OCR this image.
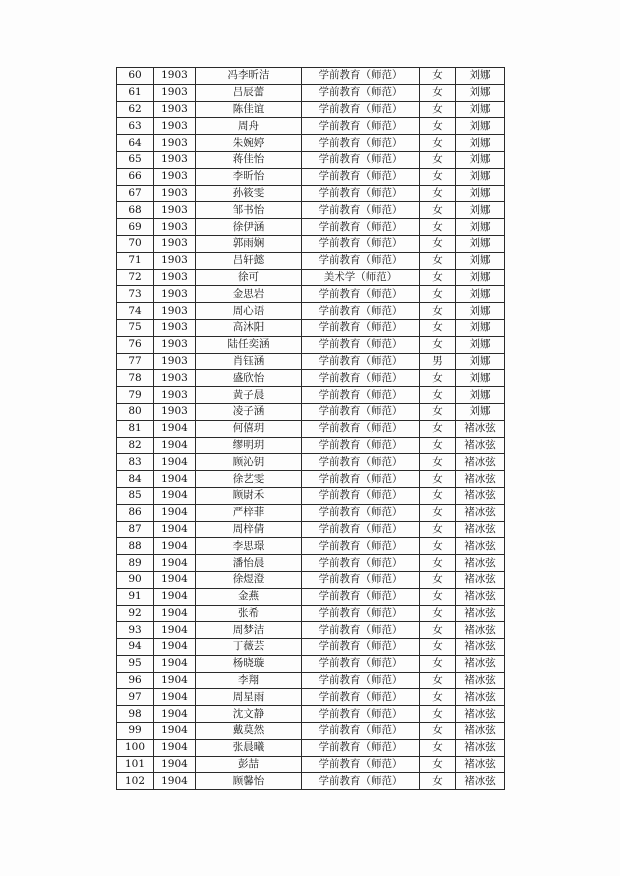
60	1903	冯李昕洁	学前教育（师范）	女	刘娜
61	1903	吕辰蕾	学前教育（师范）	女	刘娜
62	1903	陈佳谊	学前教育（师范）	女	刘娜
63	1903	周舟	学前教育（师范）	女	刘娜
64	1903	朱婉婷	学前教育（师范）	女	刘娜
65	1903	蒋佳怡	学前教育（师范）	女	刘娜
66	1903	李昕怡	学前教育（师范）	女	刘娜
67	1903	孙筱雯	学前教育（师范）	女	刘娜
68	1903	邹书怡	学前教育（师范）	女	刘娜
69	1903	徐伊涵	学前教育（师范）	女	刘娜
70	1903	郭雨娴	学前教育（师范）	女	刘娜
71	1903	吕轩懿	学前教育（师范）	女	刘娜
72	1903	徐可	美术学（师范）	女	刘娜
73	1903	金思岩	学前教育（师范）	女	刘娜
74	1903	周心语	学前教育（师范）	女	刘娜
75	1903	高沐阳	学前教育（师范）	女	刘娜
76	1903	陆任奕涵	学前教育（师范）	女	刘娜
77	1903	肖钰涵	学前教育（师范）	男	刘娜
78	1903	盛欣怡	学前教育（师范）	女	刘娜
79	1903	黄子晨	学前教育（师范）	女	刘娜
80	1903	凌子涵	学前教育（师范）	女	刘娜
81	1904	何僖玥	学前教育（师范）	女	褚冰弦
82	1904	缪明玥	学前教育（师范）	女	褚冰弦
83	1904	顾沁钥	学前教育（师范）	女	褚冰弦
84	1904	徐艺雯	学前教育（师范）	女	褚冰弦
85	1904	顾尉禾	学前教育（师范）	女	褚冰弦
86	1904	严梓菲	学前教育（师范）	女	褚冰弦
87	1904	周梓倩	学前教育（师范）	女	褚冰弦
88	1904	李思璟	学前教育（师范）	女	褚冰弦
89	1904	潘怡晨	学前教育（师范）	女	褚冰弦
90	1904	徐煜澄	学前教育（师范）	女	褚冰弦
91	1904	金燕	学前教育（师范）	女	褚冰弦
92	1904	张希	学前教育（师范）	女	褚冰弦
93	1904	周梦洁	学前教育（师范）	女	褚冰弦
94	1904	丁薇芸	学前教育（师范）	女	褚冰弦
95	1904	杨晓璇	学前教育（师范）	女	褚冰弦
96	1904	李翔	学前教育（师范）	女	褚冰弦
97	1904	周星雨	学前教育（师范）	女	褚冰弦
98	1904	沈文静	学前教育（师范）	女	褚冰弦
99	1904	戴莫然	学前教育（师范）	女	褚冰弦
100	1904	张晨曦	学前教育（师范）	女	褚冰弦
101	1904	彭喆	学前教育（师范）	女	褚冰弦
102	1904	顾馨怡	学前教育（师范）	女	褚冰弦
